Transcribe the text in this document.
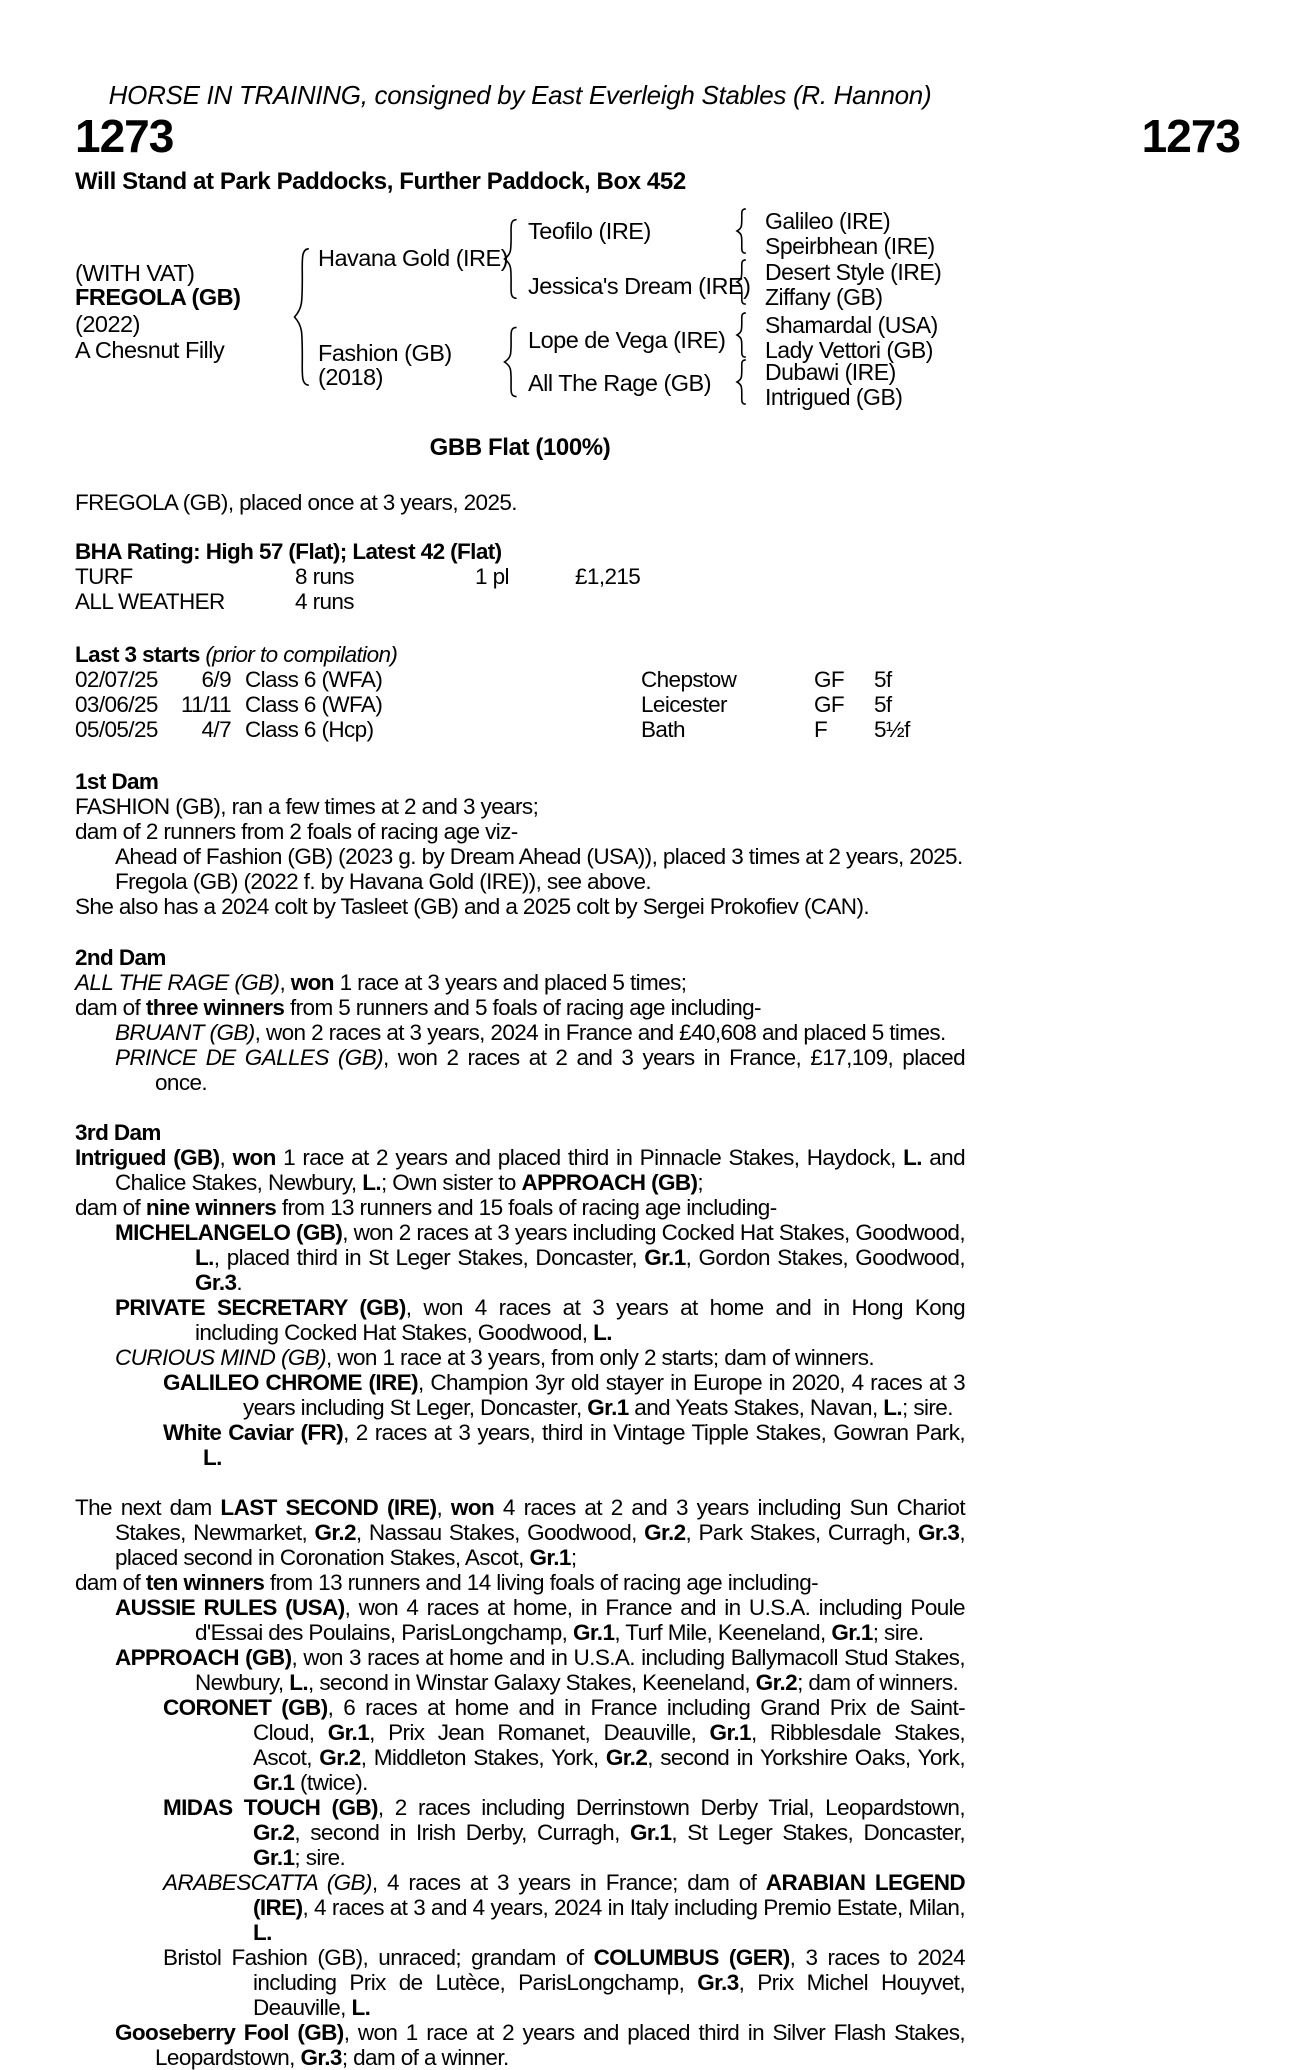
HORSE IN TRAINING, consigned by East Everleigh Stables (R. Hannon)
1273	1273
Will Stand at Park Paddocks, Further Paddock, Box 452
(WITH VAT)
FREGOLA (GB)
(2022)
A Chesnut Filly
Havana Gold (IRE)
Fashion (GB)
(2018)
Teofilo (IRE)
Jessica's Dream (IRE)
Lope de Vega (IRE)
All The Rage (GB)
Galileo (IRE)
Speirbhean (IRE)
Desert Style (IRE)
Ziffany (GB)
Shamardal (USA)
Lady Vettori (GB)
Dubawi (IRE)
Intrigued (GB)
GBB Flat (100%)
FREGOLA (GB), placed once at 3 years, 2025.
BHA Rating: High 57 (Flat); Latest 42 (Flat)
TURF	8 runs	1 pl	£1,215
ALL WEATHER	4 runs
Last 3 starts (prior to compilation)
02/07/25	6/9 Class 6 (WFA)	Chepstow	GF	5f
03/06/25	11/11 Class 6 (WFA)	Leicester	GF	5f
05/05/25	4/7 Class 6 (Hcp)	Bath	F	5½f
1st Dam
FASHION (GB), ran a few times at 2 and 3 years;
dam of 2 runners from 2 foals of racing age viz-
Ahead of Fashion (GB) (2023 g. by Dream Ahead (USA)), placed 3 times at 2 years, 2025.
Fregola (GB) (2022 f. by Havana Gold (IRE)), see above.
She also has a 2024 colt by Tasleet (GB) and a 2025 colt by Sergei Prokofiev (CAN).
2nd Dam
ALL THE RAGE (GB), won 1 race at 3 years and placed 5 times;
dam of three winners from 5 runners and 5 foals of racing age including-
BRUANT (GB), won 2 races at 3 years, 2024 in France and £40,608 and placed 5 times.
PRINCE DE GALLES (GB), won 2 races at 2 and 3 years in France, £17,109, placed once.
3rd Dam
Intrigued (GB), won 1 race at 2 years and placed third in Pinnacle Stakes, Haydock, L. and Chalice Stakes, Newbury, L.; Own sister to APPROACH (GB);
dam of nine winners from 13 runners and 15 foals of racing age including-
MICHELANGELO (GB), won 2 races at 3 years including Cocked Hat Stakes, Goodwood, L., placed third in St Leger Stakes, Doncaster, Gr.1, Gordon Stakes, Goodwood, Gr.3.
PRIVATE SECRETARY (GB), won 4 races at 3 years at home and in Hong Kong including Cocked Hat Stakes, Goodwood, L.
CURIOUS MIND (GB), won 1 race at 3 years, from only 2 starts; dam of winners.
GALILEO CHROME (IRE), Champion 3yr old stayer in Europe in 2020, 4 races at 3 years including St Leger, Doncaster, Gr.1 and Yeats Stakes, Navan, L.; sire.
White Caviar (FR), 2 races at 3 years, third in Vintage Tipple Stakes, Gowran Park, L.
The next dam LAST SECOND (IRE), won 4 races at 2 and 3 years including Sun Chariot Stakes, Newmarket, Gr.2, Nassau Stakes, Goodwood, Gr.2, Park Stakes, Curragh, Gr.3, placed second in Coronation Stakes, Ascot, Gr.1;
dam of ten winners from 13 runners and 14 living foals of racing age including-
AUSSIE RULES (USA), won 4 races at home, in France and in U.S.A. including Poule d'Essai des Poulains, ParisLongchamp, Gr.1, Turf Mile, Keeneland, Gr.1; sire.
APPROACH (GB), won 3 races at home and in U.S.A. including Ballymacoll Stud Stakes, Newbury, L., second in Winstar Galaxy Stakes, Keeneland, Gr.2; dam of winners.
CORONET (GB), 6 races at home and in France including Grand Prix de Saint-Cloud, Gr.1, Prix Jean Romanet, Deauville, Gr.1, Ribblesdale Stakes, Ascot, Gr.2, Middleton Stakes, York, Gr.2, second in Yorkshire Oaks, York, Gr.1 (twice).
MIDAS TOUCH (GB), 2 races including Derrinstown Derby Trial, Leopardstown, Gr.2, second in Irish Derby, Curragh, Gr.1, St Leger Stakes, Doncaster, Gr.1; sire.
ARABESCATTA (GB), 4 races at 3 years in France; dam of ARABIAN LEGEND (IRE), 4 races at 3 and 4 years, 2024 in Italy including Premio Estate, Milan, L.
Bristol Fashion (GB), unraced; grandam of COLUMBUS (GER), 3 races to 2024 including Prix de Lutèce, ParisLongchamp, Gr.3, Prix Michel Houyvet, Deauville, L.
Gooseberry Fool (GB), won 1 race at 2 years and placed third in Silver Flash Stakes, Leopardstown, Gr.3; dam of a winner.
